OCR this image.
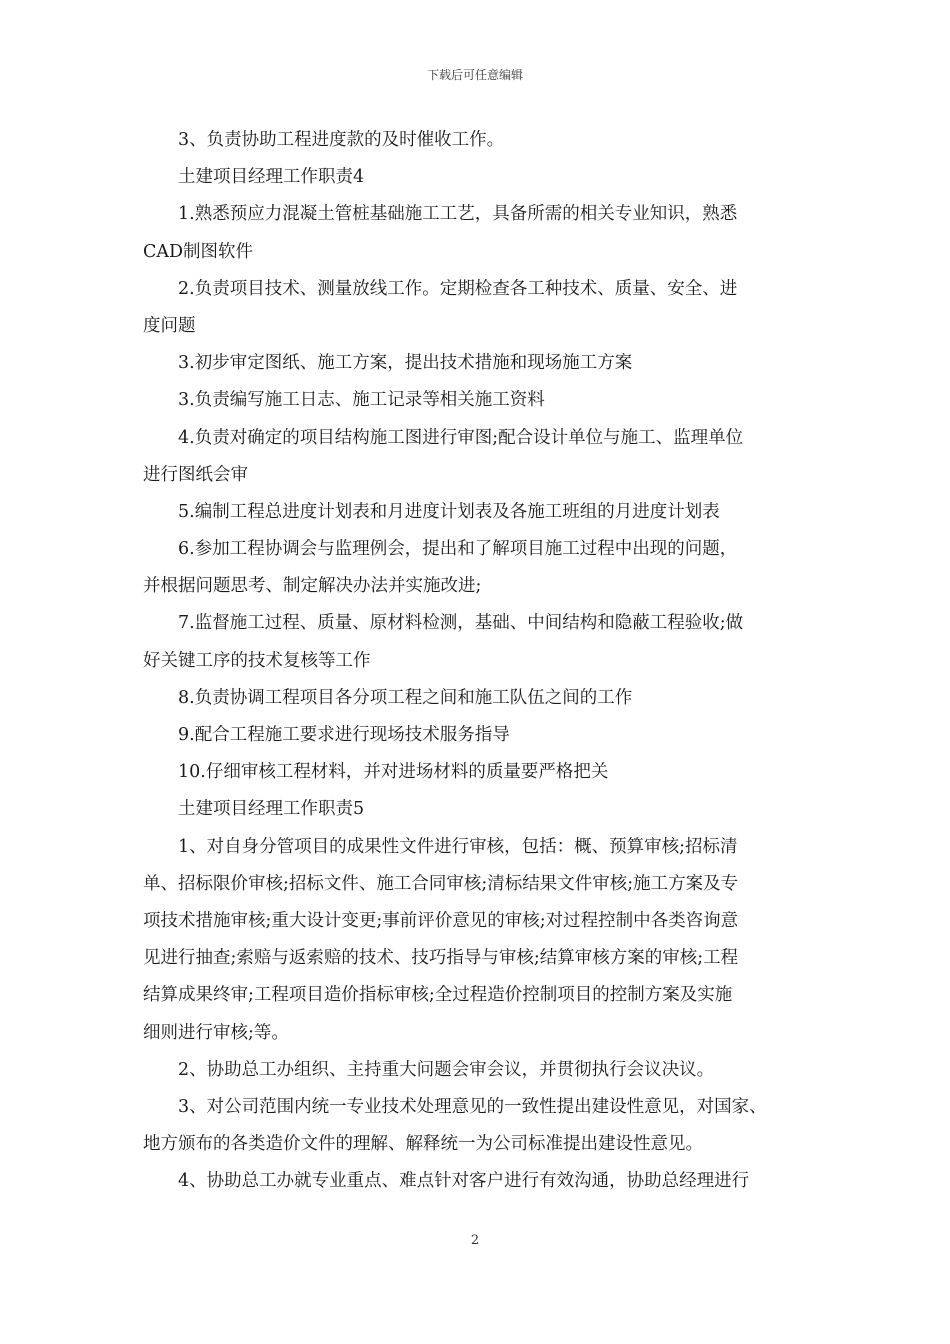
下载后可任意编辑
3、负责协助工程进度款的及时催收工作。
土建项目经理工作职责4
1.熟悉预应力混凝土管桩基础施工工艺，具备所需的相关专业知识，熟悉
CAD制图软件
2.负责项目技术、测量放线工作。定期检查各工种技术、质量、安全、进
度问题
3.初步审定图纸、施工方案，提出技术措施和现场施工方案
3.负责编写施工日志、施工记录等相关施工资料
4.负责对确定的项目结构施工图进行审图;配合设计单位与施工、监理单位
进行图纸会审
5.编制工程总进度计划表和月进度计划表及各施工班组的月进度计划表
6.参加工程协调会与监理例会，提出和了解项目施工过程中出现的问题，
并根据问题思考、制定解决办法并实施改进;
7.监督施工过程、质量、原材料检测，基础、中间结构和隐蔽工程验收;做
好关键工序的技术复核等工作
8.负责协调工程项目各分项工程之间和施工队伍之间的工作
9.配合工程施工要求进行现场技术服务指导
10.仔细审核工程材料，并对进场材料的质量要严格把关
土建项目经理工作职责5
1、对自身分管项目的成果性文件进行审核，包括：概、预算审核;招标清
单、招标限价审核;招标文件、施工合同审核;清标结果文件审核;施工方案及专
项技术措施审核;重大设计变更;事前评价意见的审核;对过程控制中各类咨询意
见进行抽查;索赔与返索赔的技术、技巧指导与审核;结算审核方案的审核;工程
结算成果终审;工程项目造价指标审核;全过程造价控制项目的控制方案及实施
细则进行审核;等。
2、协助总工办组织、主持重大问题会审会议，并贯彻执行会议决议。
3、对公司范围内统一专业技术处理意见的一致性提出建设性意见，对国家、
地方颁布的各类造价文件的理解、解释统一为公司标准提出建设性意见。
4、协助总工办就专业重点、难点针对客户进行有效沟通，协助总经理进行
2
